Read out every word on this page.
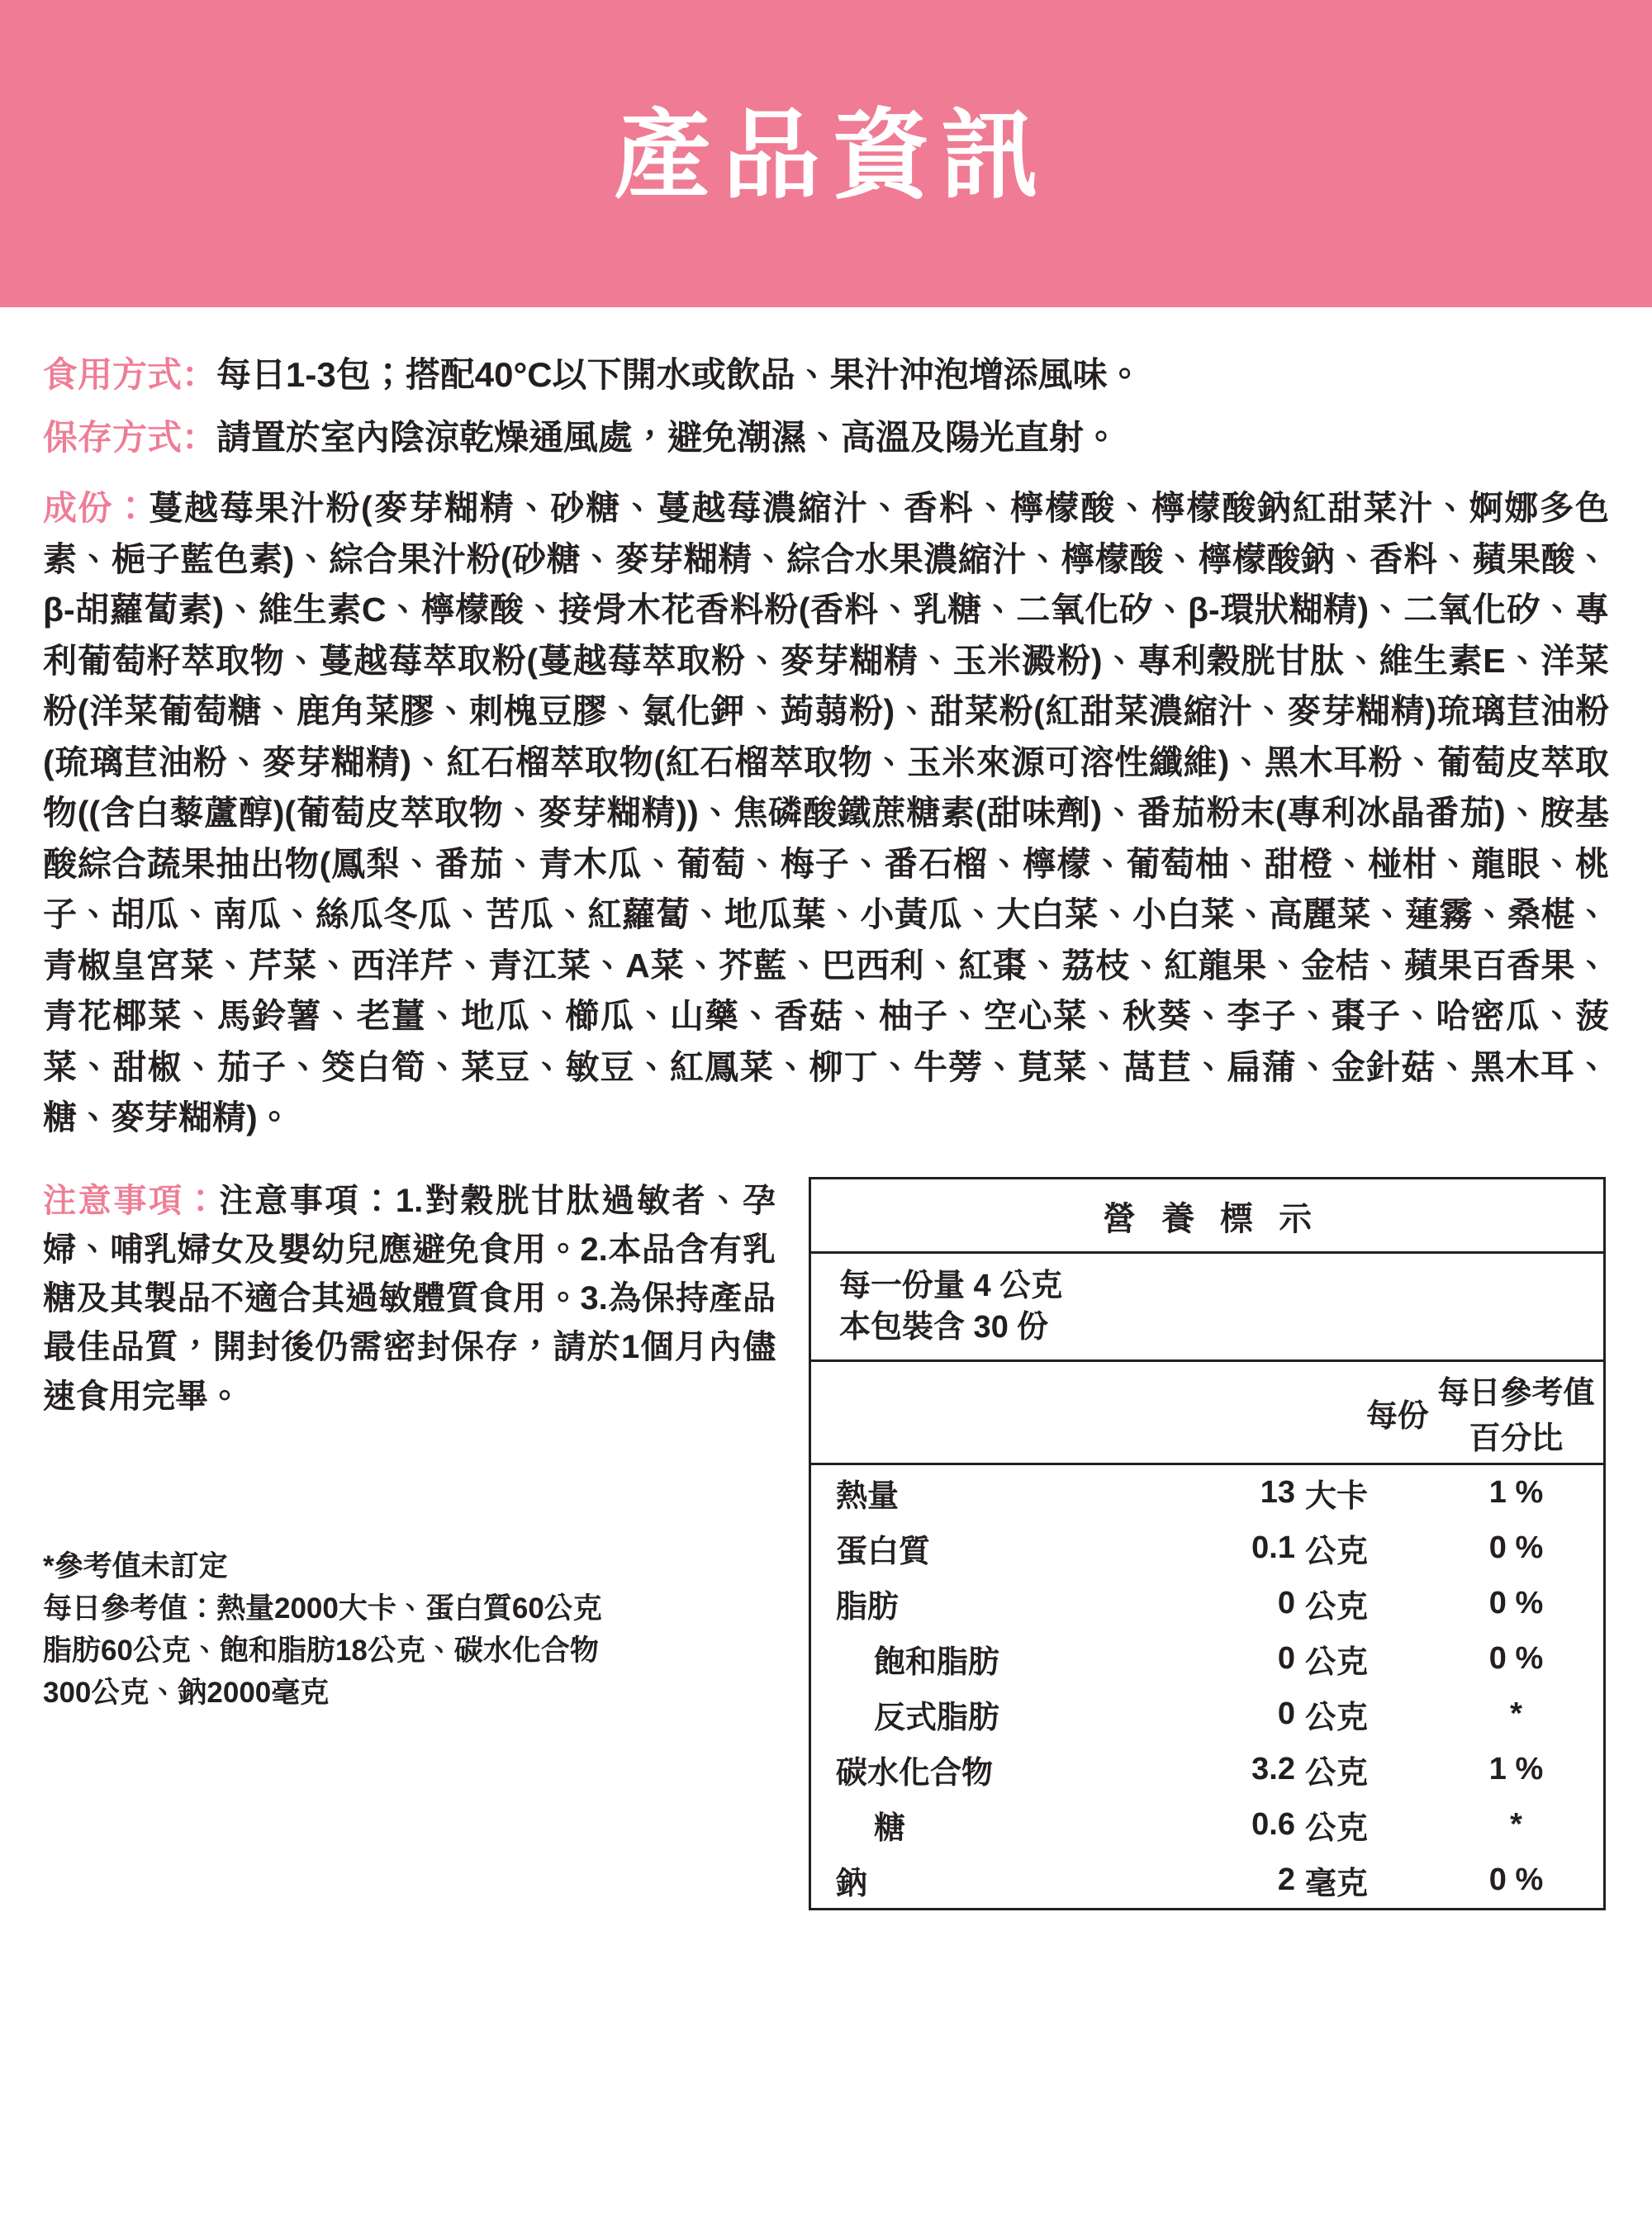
產品資訊
食用方式 ： 每日1-3包；搭配40°C以下開水或飲品、果汁沖泡增添風味。
保存方式 ： 請置於室內陰涼乾燥通風處，避免潮濕、高溫及陽光直射。
成份：蔓越莓果汁粉(麥芽糊精、砂糖、蔓越莓濃縮汁、香料、檸檬酸、檸檬酸鈉紅甜菜汁、婀娜多色素、梔子藍色素)、綜合果汁粉(砂糖、麥芽糊精、綜合水果濃縮汁、檸檬酸、檸檬酸鈉、香料、蘋果酸、β-胡蘿蔔素)、維生素C、檸檬酸、接骨木花香料粉(香料、乳糖、二氧化矽、β-環狀糊精)、二氧化矽、專利葡萄籽萃取物、蔓越莓萃取粉(蔓越莓萃取粉、麥芽糊精、玉米澱粉)、專利穀胱甘肽、維生素E、洋菜粉(洋菜葡萄糖、鹿角菜膠、刺槐豆膠、氯化鉀、蒟蒻粉)、甜菜粉(紅甜菜濃縮汁、麥芽糊精)琉璃苣油粉(琉璃苣油粉、麥芽糊精)、紅石榴萃取物(紅石榴萃取物、玉米來源可溶性纖維)、黑木耳粉、葡萄皮萃取物((含白藜蘆醇)(葡萄皮萃取物、麥芽糊精))、焦磷酸鐵蔗糖素(甜味劑)、番茄粉末(專利冰晶番茄)、胺基酸綜合蔬果抽出物(鳳梨、番茄、青木瓜、葡萄、梅子、番石榴、檸檬、葡萄柚、甜橙、椪柑、龍眼、桃子、胡瓜、南瓜、絲瓜冬瓜、苦瓜、紅蘿蔔、地瓜葉、小黃瓜、大白菜、小白菜、高麗菜、蓮霧、桑椹、青椒皇宮菜、芹菜、西洋芹、青江菜、A菜、芥藍、巴西利、紅棗、荔枝、紅龍果、金桔、蘋果百香果、青花椰菜、馬鈴薯、老薑、地瓜、櫛瓜、山藥、香菇、柚子、空心菜、秋葵、李子、棗子、哈密瓜、菠菜、甜椒、茄子、筊白筍、菜豆、敏豆、紅鳳菜、柳丁、牛蒡、莧菜、萵苣、扁蒲、金針菇、黑木耳、糖、麥芽糊精)。
注意事項：注意事項：1.對穀胱甘肽過敏者、孕婦、哺乳婦女及嬰幼兒應避免食用。2.本品含有乳糖及其製品不適合其過敏體質食用。3.為保持產品最佳品質，開封後仍需密封保存，請於1個月內儘速食用完畢。
*參考值未訂定
每日參考值：熱量2000大卡、蛋白質60公克
脂肪60公克、飽和脂肪18公克、碳水化合物
300公克、鈉2000毫克
營 養 標 示
每一份量 4 公克
本包裝含 30 份
	每份		每日參考值百分比
熱量	13	大卡	1 %
蛋白質	0.1	公克	0 %
脂肪	0	公克	0 %
飽和脂肪	0	公克	0 %
反式脂肪	0	公克	*
碳水化合物	3.2	公克	1 %
糖	0.6	公克	*
鈉	2	毫克	0 %
